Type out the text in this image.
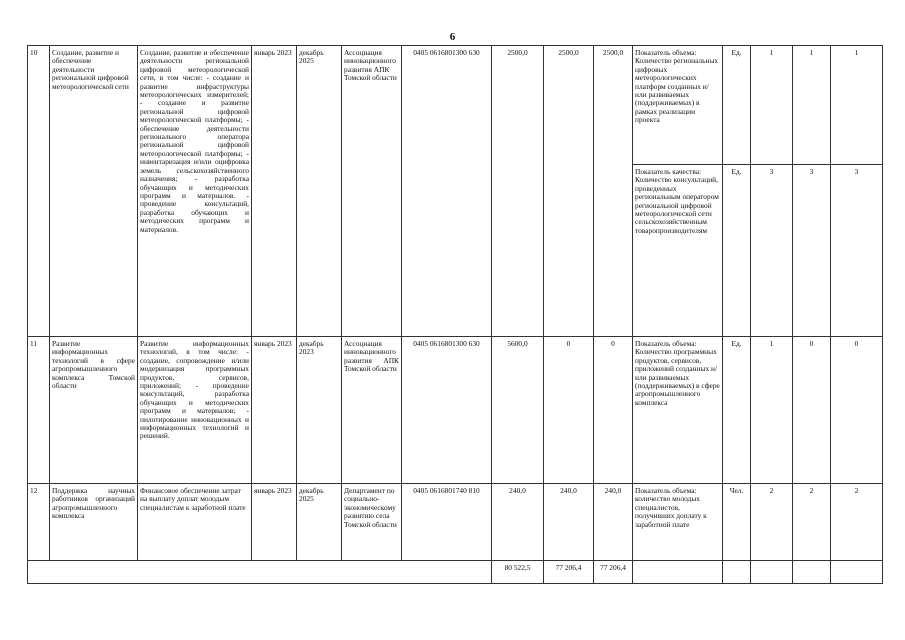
6
10	Создание, развитие и обеспечение деятельности региональной цифровой метеорологической сети	Создание, развитие и обеспечение деятельности региональной цифровой метеорологической сети, в том числе: - создание и развитие инфраструктуры метеорологических измерителей; - создание и развитие региональной цифровой метеорологической платформы; - обеспечение деятельности регионального оператора региональной цифровой метеорологической платформы; - инвентаризация и/или оцифровка земель сельскохозяйственного назначения; - разработка обучающих и методических программ и материалов. - проведение консультаций, разработка обучающих и методических программ и материалов.	январь 2023	декабрь 2025	Ассоциация инновационного развития АПК Томской области	0405 0616801300 630	2500,0	2500,0	2500,0	Показатель объема: Количество региональных цифровых метеорологических платформ созданных и/или развиваемых (поддерживаемых) в рамках реализации проекта	Ед.	1	1	1
										Показатель качества: Количество консультаций, проведенных региональным оператором региональной цифровой метеорологической сети сельскохозяйственным товаропроизводителям	Ед.	3	3	3
11	Развитие информационных технологий в сфере агропромышленного комплекса Томской области	Развитие информационных технологий, в том числе: - создание, сопровождение и/или модернизация программных продуктов, сервисов, приложений; - проведение консультаций, разработка обучающих и методических программ и материалов; - пилотирование инновационных и информационных технологий и решений.	январь 2023	декабрь 2023	Ассоциация инновационного развития АПК Томской области	0405 0616801300 630	5600,0	0	0	Показатель объема: Количество программных продуктов, сервисов, приложений созданных и/или развиваемых (поддерживаемых) в сфере агропромышленного комплекса	Ед.	1	0	0
12	Поддержка научных работников организаций агропромышленного комплекса	Финансовое обеспечение затрат на выплату доплат молодым специалистам к заработной плате	январь 2023	декабрь 2025	Департамент по социально-экономическому развитию села Томской области	0405 0616801740 810	240,0	240,0	240,0	Показатель объема: количество молодых специалистов, получивших доплату к заработной плате	Чел.	2	2	2
							80 522,5	77 206,4	77 206,4					
